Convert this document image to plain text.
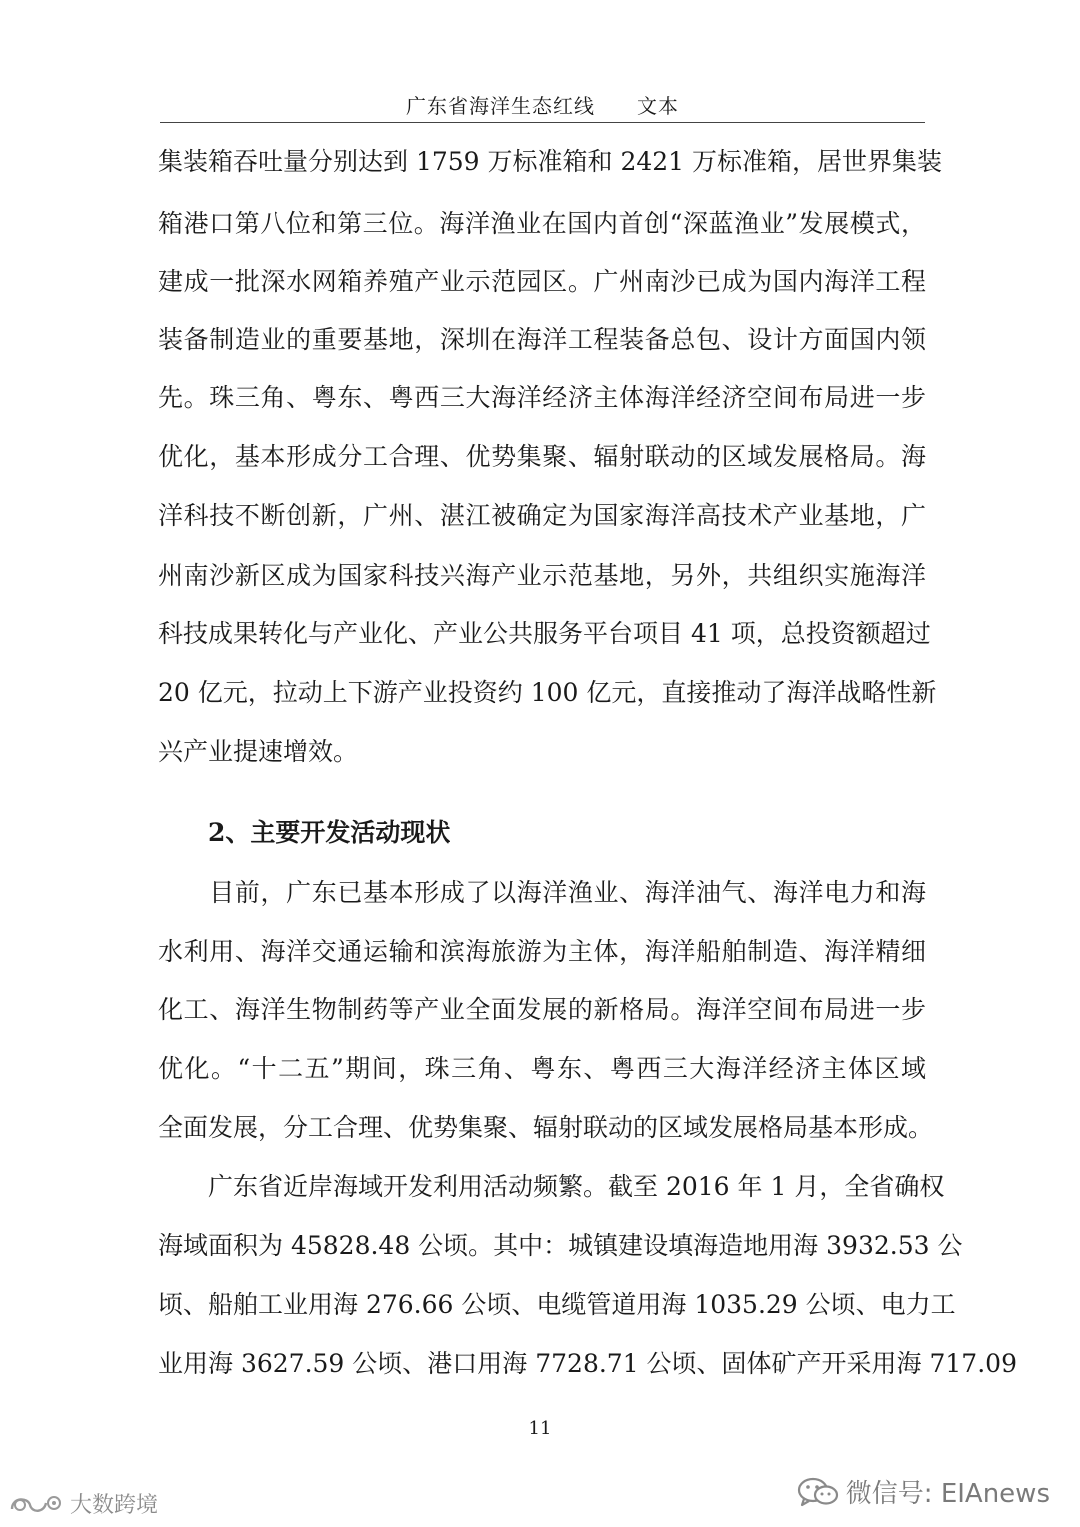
广东省海洋生态红线　　文本
集装箱吞吐量分别达到 1759 万标准箱和 2421 万标准箱，居世界集装
箱港口第八位和第三位。海洋渔业在国内首创“深蓝渔业”发展模式，
建成一批深水网箱养殖产业示范园区。广州南沙已成为国内海洋工程
装备制造业的重要基地，深圳在海洋工程装备总包、设计方面国内领
先。珠三角、粤东、粤西三大海洋经济主体海洋经济空间布局进一步
优化，基本形成分工合理、优势集聚、辐射联动的区域发展格局。海
洋科技不断创新，广州、湛江被确定为国家海洋高技术产业基地，广
州南沙新区成为国家科技兴海产业示范基地，另外，共组织实施海洋
科技成果转化与产业化、产业公共服务平台项目 41 项，总投资额超过
20 亿元，拉动上下游产业投资约 100 亿元，直接推动了海洋战略性新
兴产业提速增效。
2、主要开发活动现状
　　目前，广东已基本形成了以海洋渔业、海洋油气、海洋电力和海
水利用、海洋交通运输和滨海旅游为主体，海洋船舶制造、海洋精细
化工、海洋生物制药等产业全面发展的新格局。海洋空间布局进一步
优化。“十二五”期间，珠三角、粤东、粤西三大海洋经济主体区域
全面发展，分工合理、优势集聚、辐射联动的区域发展格局基本形成。
　　广东省近岸海域开发利用活动频繁。截至 2016 年 1 月，全省确权
海域面积为 45828.48 公顷。其中：城镇建设填海造地用海 3932.53 公
顷、船舶工业用海 276.66 公顷、电缆管道用海 1035.29 公顷、电力工
业用海 3627.59 公顷、港口用海 7728.71 公顷、固体矿产开采用海 717.09
11
微信号: EIAnews
大数跨境
